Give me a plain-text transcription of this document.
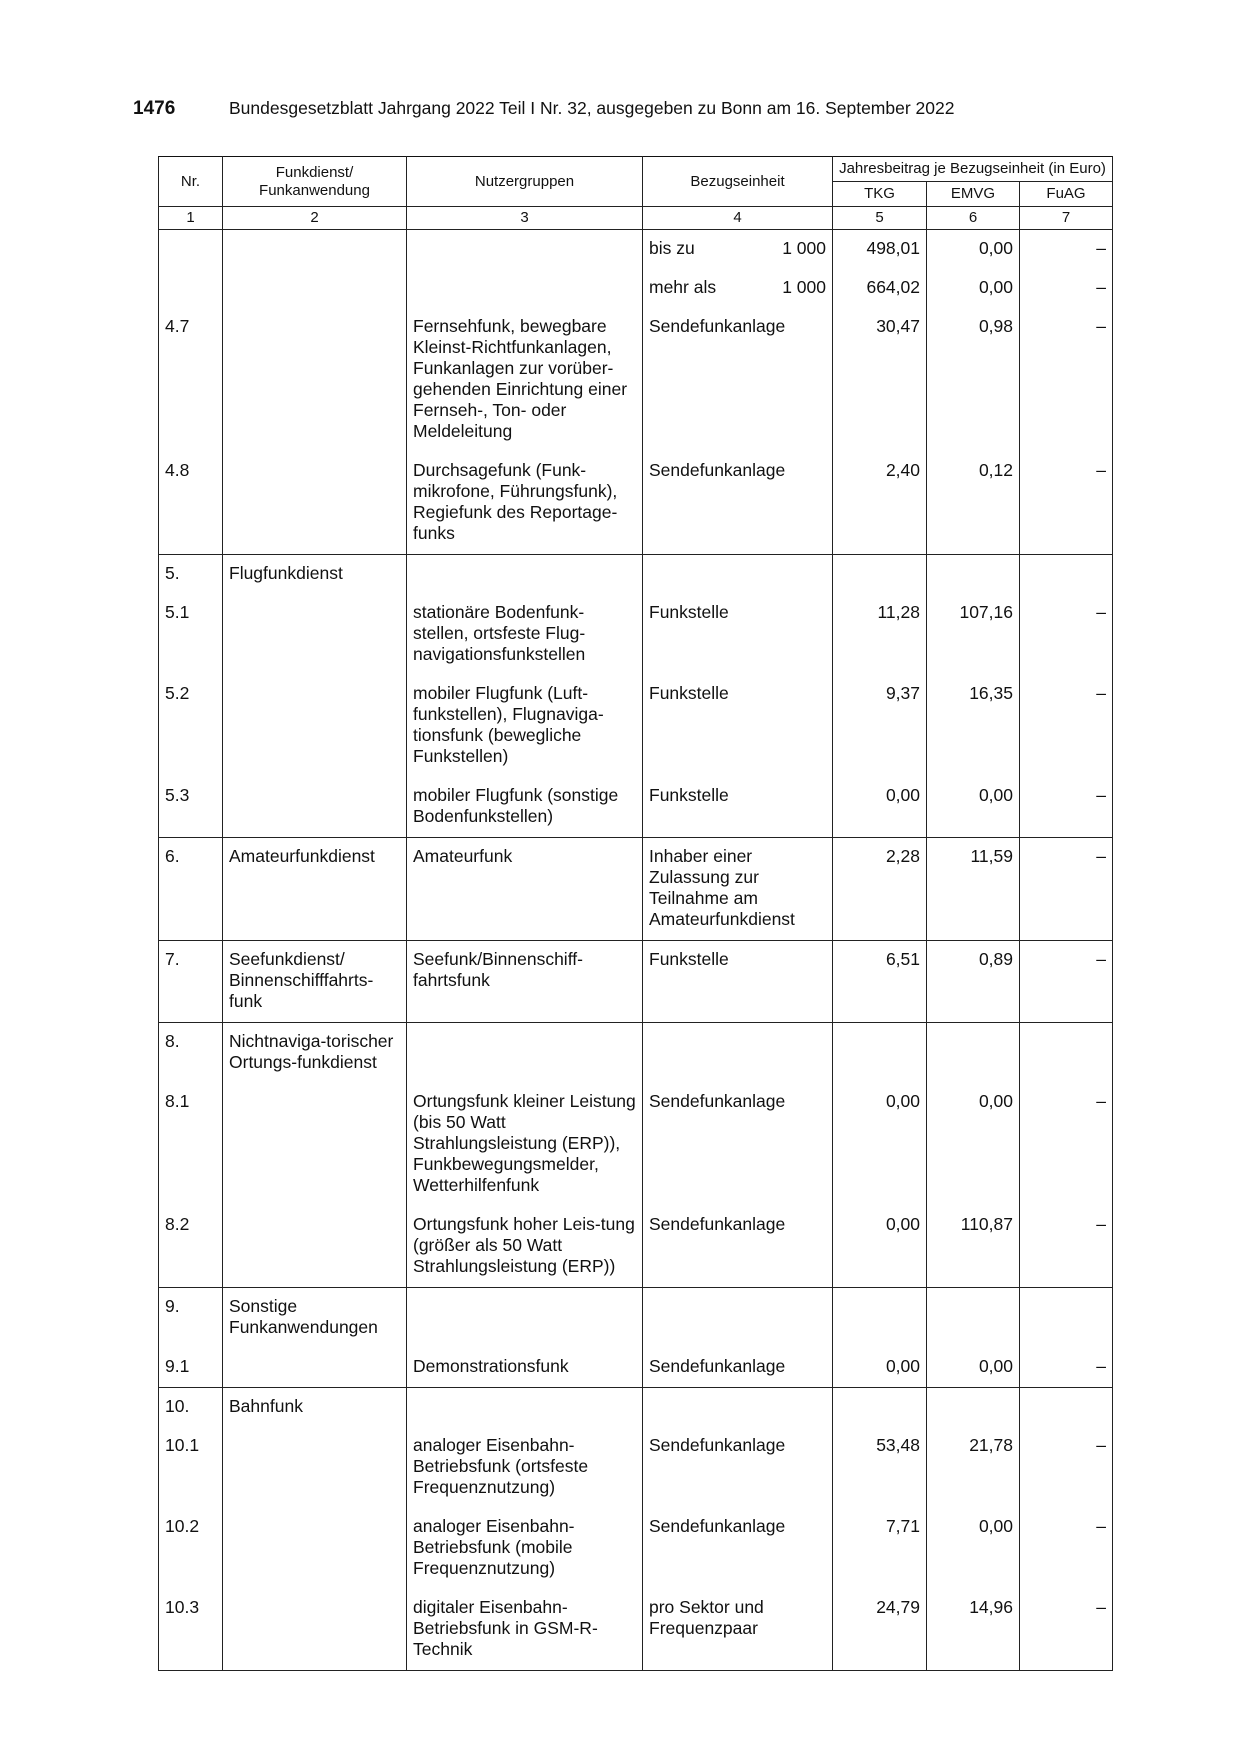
1476	Bundesgesetzblatt Jahrgang 2022 Teil I Nr. 32, ausgegeben zu Bonn am 16. September 2022
Nr.	Funkdienst/ Funkanwendung	Nutzergruppen	Bezugseinheit	Jahresbeitrag je Bezugseinheit (in Euro)		
				TKG	EMVG	FuAG
1	2	3	4	5	6	7

			bis zu 1 000	498,01	0,00	–

			mehr als 1 000	664,02	0,00	–

4.7		Fernsehfunk, bewegbare Kleinst-Richtfunkanlagen, Funkanlagen zur vorüber-gehenden Einrichtung einer Fernseh-, Ton- oder Meldeleitung	Sendefunkanlage	30,47	0,98	–

4.8		Durchsagefunk (Funk-mikrofone, Führungsfunk), Regiefunk des Reportage-funks	Sendefunkanlage	2,40	0,12	–

5.	Flugfunkdienst					

5.1		stationäre Bodenfunk-stellen, ortsfeste Flug-navigationsfunkstellen	Funkstelle	11,28	107,16	–

5.2		mobiler Flugfunk (Luft-funkstellen), Flugnaviga-tionsfunk (bewegliche Funkstellen)	Funkstelle	9,37	16,35	–

5.3		mobiler Flugfunk (sonstige Bodenfunkstellen)	Funkstelle	0,00	0,00	–

6.	Amateurfunkdienst	Amateurfunk	Inhaber einer Zulassung zur Teilnahme am Amateurfunkdienst	2,28	11,59	–

7.	Seefunkdienst/ Binnenschifffahrts-funk	Seefunk/Binnenschiff-fahrtsfunk	Funkstelle	6,51	0,89	–

8.	Nichtnaviga-torischer Ortungs-funkdienst					

8.1		Ortungsfunk kleiner Leistung (bis 50 Watt Strahlungsleistung (ERP)), Funkbewegungsmelder, Wetterhilfenfunk	Sendefunkanlage	0,00	0,00	–

8.2		Ortungsfunk hoher Leis-tung (größer als 50 Watt Strahlungsleistung (ERP))	Sendefunkanlage	0,00	110,87	–

9.	Sonstige Funkanwendungen					

9.1		Demonstrationsfunk	Sendefunkanlage	0,00	0,00	–

10.	Bahnfunk					

10.1		analoger Eisenbahn-Betriebsfunk (ortsfeste Frequenznutzung)	Sendefunkanlage	53,48	21,78	–

10.2		analoger Eisenbahn-Betriebsfunk (mobile Frequenznutzung)	Sendefunkanlage	7,71	0,00	–

10.3		digitaler Eisenbahn-Betriebsfunk in GSM-R-Technik	pro Sektor und Frequenzpaar	24,79	14,96	–
